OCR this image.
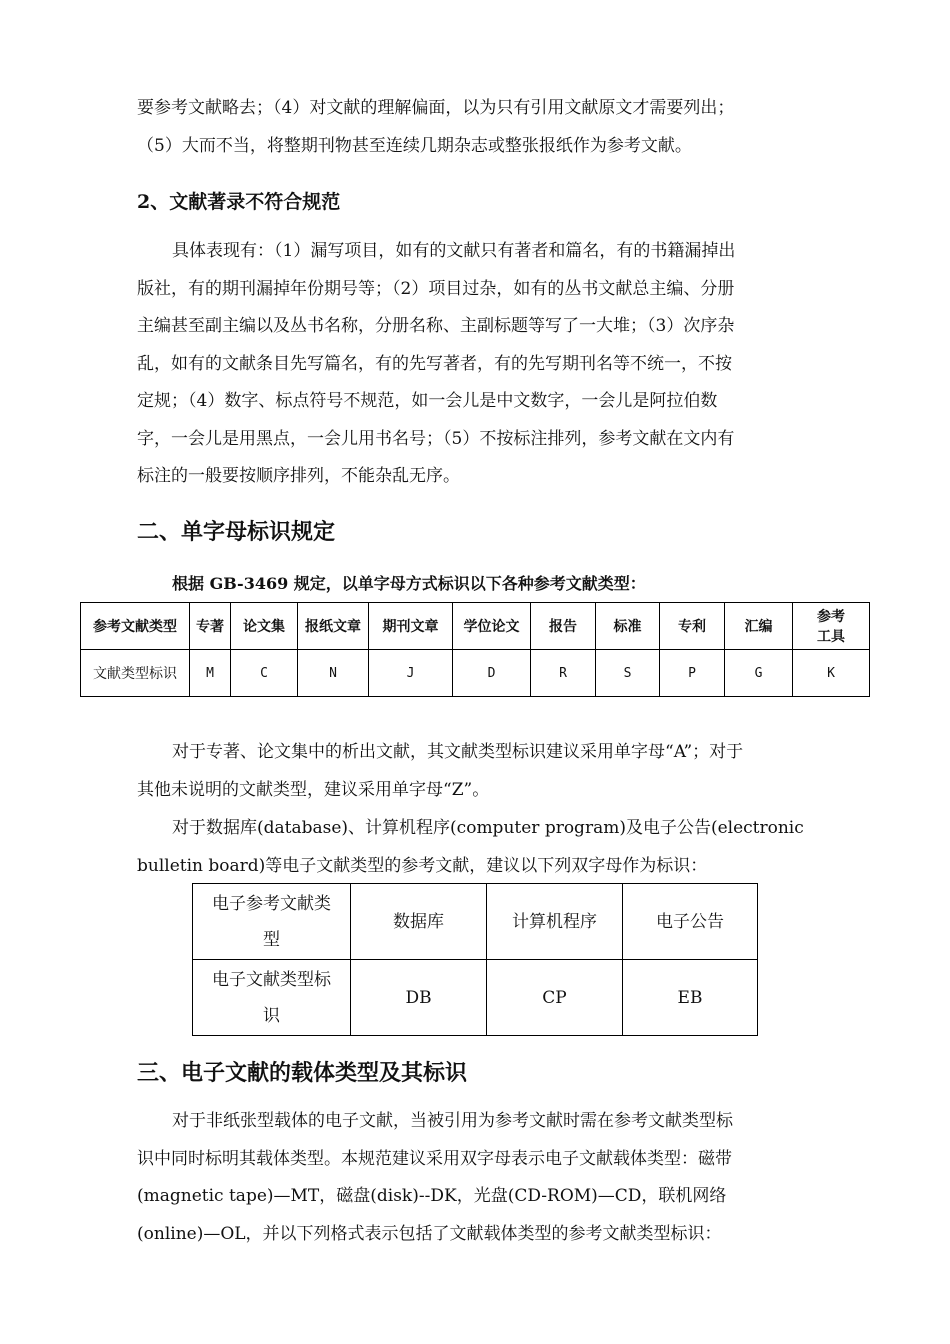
要参考文献略去；（4）对文献的理解偏面，以为只有引用文献原文才需要列出；
（5）大而不当，将整期刊物甚至连续几期杂志或整张报纸作为参考文献。
2、文献著录不符合规范
具体表现有：（1）漏写项目，如有的文献只有著者和篇名，有的书籍漏掉出
版社，有的期刊漏掉年份期号等；（2）项目过杂，如有的丛书文献总主编、分册
主编甚至副主编以及丛书名称，分册名称、主副标题等写了一大堆；（3）次序杂
乱，如有的文献条目先写篇名，有的先写著者，有的先写期刊名等不统一，不按
定规；（4）数字、标点符号不规范，如一会儿是中文数字，一会儿是阿拉伯数
字，一会儿是用黑点，一会儿用书名号；（5）不按标注排列，参考文献在文内有
标注的一般要按顺序排列，不能杂乱无序。
二、单字母标识规定
根据 GB-3469 规定，以单字母方式标识以下各种参考文献类型：
参考文献类型	专著	论文集	报纸文章	期刊文章	学位论文	报告	标准	专利	汇编	参考
工具

文献类型标识	M	C	N	J	D	R	S	P	G	K
对于专著、论文集中的析出文献，其文献类型标识建议采用单字母“A”；对于
其他未说明的文献类型，建议采用单字母“Z”。
对于数据库(database)、计算机程序(computer program)及电子公告(electronic
bulletin board)等电子文献类型的参考文献，建议以下列双字母作为标识：
电子参考文献类
型	数据库	计算机程序	电子公告

电子文献类型标
识	DB	CP	EB
三、电子文献的载体类型及其标识
对于非纸张型载体的电子文献，当被引用为参考文献时需在参考文献类型标
识中同时标明其载体类型。本规范建议采用双字母表示电子文献载体类型：磁带
(magnetic tape)—MT，磁盘(disk)--DK，光盘(CD-ROM)—CD，联机网络
(online)—OL，并以下列格式表示包括了文献载体类型的参考文献类型标识：
